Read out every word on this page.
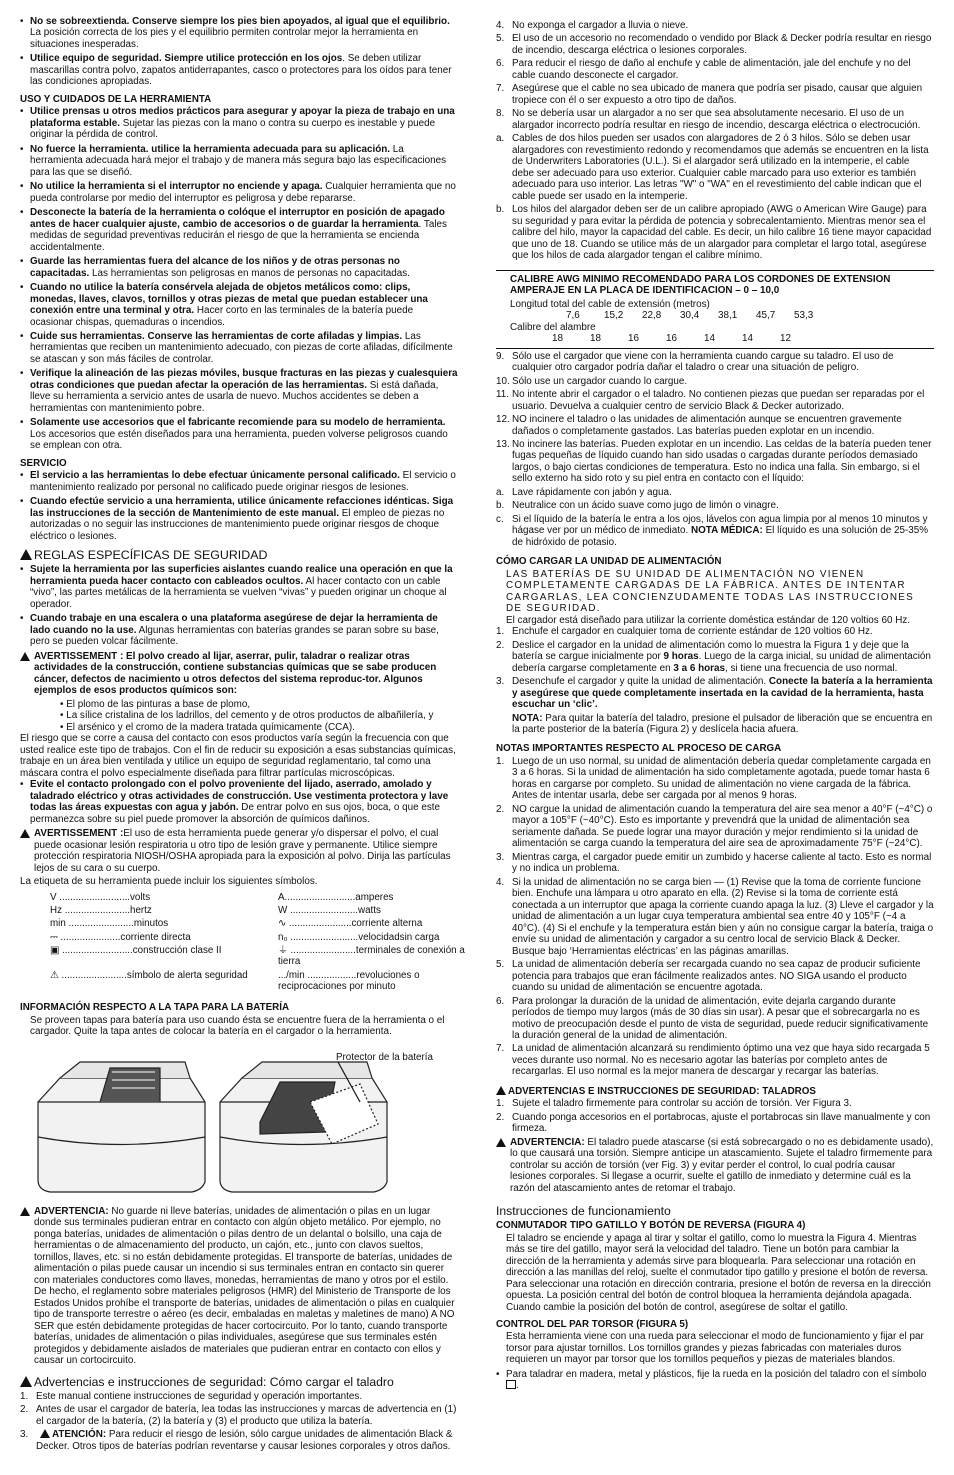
• No se sobreextienda. Conserve siempre los pies bien apoyados, al igual que el equilibrio. La posición correcta de los pies y el equilibrio permiten controlar mejor la herramienta en situaciones inesperadas.

• Utilice equipo de seguridad. Siempre utilice protección en los ojos. Se deben utilizar mascarillas contra polvo, zapatos antiderrapantes, casco o protectores para los oídos para tener las condiciones apropiadas.

USO Y CUIDADOS DE LA HERRAMIENTA

• Utilice prensas u otros medios prácticos para asegurar y apoyar la pieza de trabajo en una plataforma estable. Sujetar las piezas con la mano o contra su cuerpo es inestable y puede originar la pérdida de control.

• No fuerce la herramienta. utilice la herramienta adecuada para su aplicación. La herramienta adecuada hará mejor el trabajo y de manera más segura bajo las especificaciones para las que se diseñó.

• No utilice la herramienta si el interruptor no enciende y apaga. Cualquier herramienta que no pueda controlarse por medio del interruptor es peligrosa y debe repararse.

• Desconecte la batería de la herramienta o colóque el interruptor en posición de apagado antes de hacer cualquier ajuste, cambio de accesorios o de guardar la herramienta. Tales medidas de seguridad preventivas reducirán el riesgo de que la herramienta se encienda accidentalmente.

• Guarde las herramientas fuera del alcance de los niños y de otras personas no capacitadas. Las herramientas son peligrosas en manos de personas no capacitadas.

• Cuando no utilice la batería consérvela alejada de objetos metálicos como: clips, monedas, llaves, clavos, tornillos y otras piezas de metal que puedan establecer una conexión entre una terminal y otra. Hacer corto en las terminales de la batería puede ocasionar chispas, quemaduras o incendios.

• Cuide sus herramientas. Conserve las herramientas de corte afiladas y limpias. Las herramientas que reciben un mantenimiento adecuado, con piezas de corte afiladas, difícilmente se atascan y son más fáciles de controlar.

• Verifique la alineación de las piezas móviles, busque fracturas en las piezas y cualesquiera otras condiciones que puedan afectar la operación de las herramientas. Si está dañada, lleve su herramienta a servicio antes de usarla de nuevo. Muchos accidentes se deben a herramientas con mantenimiento pobre.

• Solamente use accesorios que el fabricante recomiende para su modelo de herramienta. Los accesorios que estén diseñados para una herramienta, pueden volverse peligrosos cuando se emplean con otra.

SERVICIO

• El servicio a las herramientas lo debe efectuar únicamente personal calificado. El servicio o mantenimiento realizado por personal no calificado puede originar riesgos de lesiones.

• Cuando efectúe servicio a una herramienta, utilice únicamente refacciones idénticas. Siga las instrucciones de la sección de Mantenimiento de este manual. El empleo de piezas no autorizadas o no seguir las instrucciones de mantenimiento puede originar riesgos de choque eléctrico o lesiones.

REGLAS ESPECÍFICAS DE SEGURIDAD

• Sujete la herramienta por las superficies aislantes cuando realice una operación en que la herramienta pueda hacer contacto con cableados ocultos. Al hacer contacto con un cable “vivo”, las partes metálicas de la herramienta se vuelven “vivas” y pueden originar un choque al operador.

• Cuando trabaje en una escalera o una plataforma asegúrese de dejar la herramienta de lado cuando no la use. Algunas herramientas con baterías grandes se paran sobre su base, pero se pueden volcar fácilmente.

AVERTISSEMENT : El polvo creado al lijar, aserrar, pulir, taladrar o realizar otras actividades de la construcción, contiene substancias químicas que se sabe producen cáncer, defectos de nacimiento u otros defectos del sistema reproduc-tor. Algunos ejemplos de esos productos químicos son:

• El plomo de las pinturas a base de plomo,

• La sílice cristalina de los ladrillos, del cemento y de otros productos de albañilería, y

• El arsénico y el cromo de la madera tratada químicamente (CCA).

El riesgo que se corre a causa del contacto con esos productos varía según la frecuencia con que usted realice este tipo de trabajos. Con el fin de reducir su exposición a esas substancias químicas, trabaje en un área bien ventilada y utilice un equipo de seguridad reglamentario, tal como una máscara contra el polvo especialmente diseñada para filtrar partículas microscópicas.

• Evite el contacto prolongado con el polvo proveniente del lijado, aserrado, amolado y taladrado eléctrico y otras actividades de construcción. Use vestimenta protectora y lave todas las áreas expuestas con agua y jabón. De entrar polvo en sus ojos, boca, o que este permanezca sobre su piel puede promover la absorción de químicos dañinos.

AVERTISSEMENT :El uso de esta herramienta puede generar y/o dispersar el polvo, el cual puede ocasionar lesión respiratoria u otro tipo de lesión grave y permanente. Utilice siempre protección respiratoria NIOSH/OSHA apropiada para la exposición al polvo. Dirija las partículas lejos de su cara o su cuerpo.

La etiqueta de su herramienta puede incluir los siguientes símbolos.

V ..........................volts	A..........................amperes
Hz ........................hertz	W .........................watts
min ........................minutos	∿ .......................corriente alterna
⎓ ......................corriente directa	n₀ .........................velocidadsin carga
▣ ..........................construcción clase II	⏚ ........................terminales de conexión a tierra
⚠ ........................símbolo de alerta seguridad	.../min ..................revoluciones o reciprocaciones por minuto

INFORMACIÓN RESPECTO A LA TAPA PARA LA BATERÍA

Se proveen tapas para batería para uso cuando ésta se encuentre fuera de la herramienta o el cargador. Quite la tapa antes de colocar la batería en el cargador o la herramienta.

Protector de la batería

ADVERTENCIA: No guarde ni lleve baterías, unidades de alimentación o pilas en un lugar donde sus terminales pudieran entrar en contacto con algún objeto metálico. Por ejemplo, no ponga baterías, unidades de alimentación o pilas dentro de un delantal o bolsillo, una caja de herramientas o de almacenamiento del producto, un cajón, etc., junto con clavos sueltos, tornillos, llaves, etc. si no están debidamente protegidas. El transporte de baterías, unidades de alimentación o pilas puede causar un incendio si sus terminales entran en contacto sin querer con materiales conductores como llaves, monedas, herramientas de mano y otros por el estilo. De hecho, el reglamento sobre materiales peligrosos (HMR) del Ministerio de Transporte de los Estados Unidos prohíbe el transporte de baterías, unidades de alimentación o pilas en cualquier tipo de transporte terrestre o aéreo (es decir, embaladas en maletas y maletines de mano) A NO SER que estén debidamente protegidas de hacer cortocircuito. Por lo tanto, cuando transporte baterías, unidades de alimentación o pilas individuales, asegúrese que sus terminales estén protegidos y debidamente aislados de materiales que pudieran entrar en contacto con ellos y causar un cortocircuito.

Advertencias e instrucciones de seguridad: Cómo cargar el taladro

1. Este manual contiene instrucciones de seguridad y operación importantes.

2. Antes de usar el cargador de batería, lea todas las instrucciones y marcas de advertencia en (1) el cargador de la batería, (2) la batería y (3) el producto que utiliza la batería.

3. ATENCIÓN: Para reducir el riesgo de lesión, sólo cargue unidades de alimentación Black & Decker. Otros tipos de baterías podrían reventarse y causar lesiones corporales y otros daños.

4. No exponga el cargador a lluvia o nieve.

5. El uso de un accesorio no recomendado o vendido por Black & Decker podría resultar en riesgo de incendio, descarga eléctrica o lesiones corporales.

6. Para reducir el riesgo de daño al enchufe y cable de alimentación, jale del enchufe y no del cable cuando desconecte el cargador.

7. Asegúrese que el cable no sea ubicado de manera que podría ser pisado, causar que alguien tropiece con él o ser expuesto a otro tipo de daños.

8. No se debería usar un alargador a no ser que sea absolutamente necesario. El uso de un alargador incorrecto podría resultar en riesgo de incendio, descarga eléctrica o electrocución.

a. Cables de dos hilos pueden ser usados con alargadores de 2 ó 3 hilos. Sólo se deben usar alargadores con revestimiento redondo y recomendamos que además se encuentren en la lista de Underwriters Laboratories (U.L.). Si el alargador será utilizado en la intemperie, el cable debe ser adecuado para uso exterior. Cualquier cable marcado para uso exterior es también adecuado para uso interior. Las letras "W" o "WA" en el revestimiento del cable indican que el cable puede ser usado en la intemperie.

b. Los hilos del alargador deben ser de un calibre apropiado (AWG o American Wire Gauge) para su seguridad y para evitar la pérdida de potencia y sobrecalentamiento. Mientras menor sea el calibre del hilo, mayor la capacidad del cable. Es decir, un hilo calibre 16 tiene mayor capacidad que uno de 18. Cuando se utilice más de un alargador para completar el largo total, asegúrese que los hilos de cada alargador tengan el calibre mínimo.

CALIBRE AWG MINIMO RECOMENDADO PARA LOS CORDONES DE EXTENSION AMPERAJE EN LA PLACA DE IDENTIFICACION – 0 – 10,0

Longitud total del cable de extensión (metros)

7,6	15,2	22,8	30,4	38,1	45,7	53,3

Calibre del alambre

18	18	16	16	14	14	12

9. Sólo use el cargador que viene con la herramienta cuando cargue su taladro. El uso de cualquier otro cargador podría dañar el taladro o crear una situación de peligro.

10. Sólo use un cargador cuando lo cargue.

11. No intente abrir el cargador o el taladro. No contienen piezas que puedan ser reparadas por el usuario. Devuelva a cualquier centro de servicio Black & Decker autorizado.

12. NO incinere el taladro o las unidades de alimentación aunque se encuentren gravemente dañados o completamente gastados. Las baterías pueden explotar en un incendio.

13. No incinere las baterías. Pueden explotar en un incendio. Las celdas de la batería pueden tener fugas pequeñas de líquido cuando han sido usadas o cargadas durante períodos demasiado largos, o bajo ciertas condiciones de temperatura. Esto no indica una falla. Sin embargo, si el sello externo ha sido roto y su piel entra en contacto con el líquido:

a. Lave rápidamente con jabón y agua.

b. Neutralice con un ácido suave como jugo de limón o vinagre.

c. Si el líquido de la batería le entra a los ojos, lávelos con agua limpia por al menos 10 minutos y hágase ver por un médico de inmediato. NOTA MÉDICA: El líquido es una solución de 25-35% de hidróxido de potasio.

CÓMO CARGAR LA UNIDAD DE ALIMENTACIÓN

LAS BATERÍAS DE SU UNIDAD DE ALIMENTACIÓN NO VIENEN COMPLETAMENTE CARGADAS DE LA FÁBRICA. ANTES DE INTENTAR CARGARLAS, LEA CONCIENZUDAMENTE TODAS LAS INSTRUCCIONES DE SEGURIDAD.

El cargador está diseñado para utilizar la corriente doméstica estándar de 120 voltios 60 Hz.

1. Enchufe el cargador en cualquier toma de corriente estándar de 120 voltios 60 Hz.

2. Deslice el cargador en la unidad de alimentación como lo muestra la Figura 1 y deje que la batería se cargue inicialmente por 9 horas. Luego de la carga inicial, su unidad de alimentación debería cargarse completamente en 3 a 6 horas, si tiene una frecuencia de uso normal.

3. Desenchufe el cargador y quite la unidad de alimentación. Conecte la batería a la herramienta y asegúrese que quede completamente insertada en la cavidad de la herramienta, hasta escuchar un ‘clic’.

NOTA: Para quitar la batería del taladro, presione el pulsador de liberación que se encuentra en la parte posterior de la batería (Figura 2) y deslícela hacia afuera.

NOTAS IMPORTANTES RESPECTO AL PROCESO DE CARGA

1. Luego de un uso normal, su unidad de alimentación debería quedar completamente cargada en 3 a 6 horas. Si la unidad de alimentación ha sido completamente agotada, puede tomar hasta 6 horas en cargarse por completo. Su unidad de alimentación no viene cargada de la fábrica. Antes de intentar usarla, debe ser cargada por al menos 9 horas.

2. NO cargue la unidad de alimentación cuando la temperatura del aire sea menor a 40°F (~4°C) o mayor a 105°F (~40°C). Esto es importante y prevendrá que la unidad de alimentación sea seriamente dañada. Se puede lograr una mayor duración y mejor rendimiento si la unidad de alimentación se carga cuando la temperatura del aire sea de aproximadamente 75°F (~24°C).

3. Mientras carga, el cargador puede emitir un zumbido y hacerse caliente al tacto. Esto es normal y no indica un problema.

4. Si la unidad de alimentación no se carga bien — (1) Revise que la toma de corriente funcione bien. Enchufe una lámpara u otro aparato en ella. (2) Revise si la toma de corriente está conectada a un interruptor que apaga la corriente cuando apaga la luz. (3) Lleve el cargador y la unidad de alimentación a un lugar cuya temperatura ambiental sea entre 40 y 105°F (~4 a 40°C). (4) Si el enchufe y la temperatura están bien y aún no consigue cargar la batería, traiga o envíe su unidad de alimentación y cargador a su centro local de servicio Black & Decker. Busque bajo ‘Herramientas eléctricas’ en las páginas amarillas.

5. La unidad de alimentación debería ser recargada cuando no sea capaz de producir suficiente potencia para trabajos que eran fácilmente realizados antes. NO SIGA usando el producto cuando su unidad de alimentación se encuentre agotada.

6. Para prolongar la duración de la unidad de alimentación, evite dejarla cargando durante períodos de tiempo muy largos (más de 30 días sin usar). A pesar que el sobrecargarla no es motivo de preocupación desde el punto de vista de seguridad, puede reducir significativamente la duración general de la unidad de alimentación.

7. La unidad de alimentación alcanzará su rendimiento óptimo una vez que haya sido recargada 5 veces durante uso normal. No es necesario agotar las baterías por completo antes de recargarlas. El uso normal es la mejor manera de descargar y recargar las baterías.

ADVERTENCIAS E INSTRUCCIONES DE SEGURIDAD: TALADROS

1. Sujete el taladro firmemente para controlar su acción de torsión. Ver Figura 3.

2. Cuando ponga accesorios en el portabrocas, ajuste el portabrocas sin llave manualmente y con firmeza.

ADVERTENCIA: El taladro puede atascarse (si está sobrecargado o no es debidamente usado), lo que causará una torsión. Siempre anticipe un atascamiento. Sujete el taladro firmemente para controlar su acción de torsión (ver Fig. 3) y evitar perder el control, lo cual podría causar lesiones corporales. Si llegase a ocurrir, suelte el gatillo de inmediato y determine cuál es la razón del atascamiento antes de retomar el trabajo.

Instrucciones de funcionamiento

CONMUTADOR TIPO GATILLO Y BOTÓN DE REVERSA (FIGURA 4)

El taladro se enciende y apaga al tirar y soltar el gatillo, como lo muestra la Figura 4. Mientras más se tire del gatillo, mayor será la velocidad del taladro. Tiene un botón para cambiar la dirección de la herramienta y además sirve para bloquearla. Para seleccionar una rotación en dirección a las manillas del reloj, suelte el conmutador tipo gatillo y presione el botón de reversa. Para seleccionar una rotación en dirección contraria, presione el botón de reversa en la dirección opuesta. La posición central del botón de control bloquea la herramienta dejándola apagada. Cuando cambie la posición del botón de control, asegúrese de soltar el gatillo.

CONTROL DEL PAR TORSOR (FIGURA 5)

Esta herramienta viene con una rueda para seleccionar el modo de funcionamiento y fijar el par torsor para ajustar tornillos. Los tornillos grandes y piezas fabricadas con materiales duros requieren un mayor par torsor que los tornillos pequeños y piezas de materiales blandos.

• Para taladrar en madera, metal y plásticos, fije la rueda en la posición del taladro con el símbolo .
